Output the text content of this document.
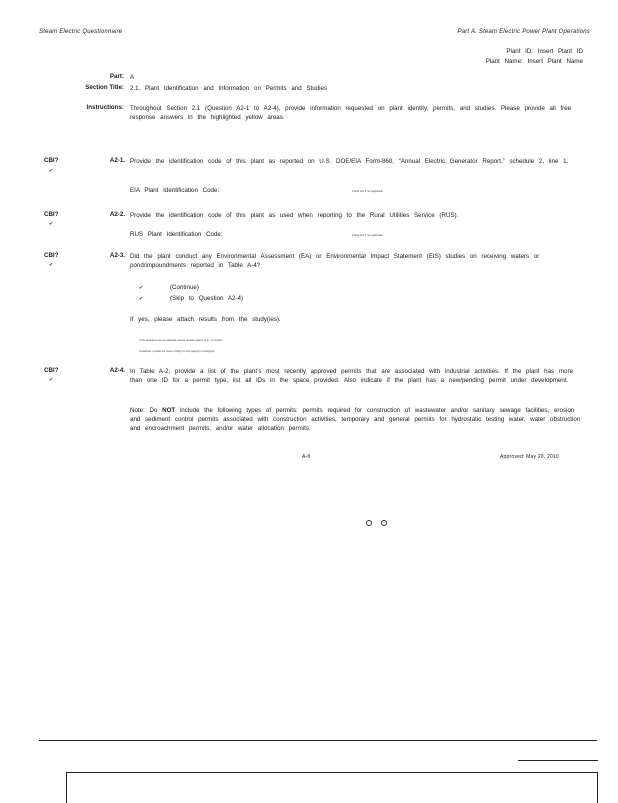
Steam Electric Questionnaire	Part A. Steam Electric Power Plant Operations
Plant ID: Insert Plant ID
Plant Name: Insert Plant Name
Part: A
Section Title: 2.1. Plant Identification and Information on Permits and Studies
Instructions: Throughout Section 2.1 (Question A2-1 to A2-4), provide information requested on plant identity, permits, and studies. Please provide all free response answers in the highlighted yellow areas.
CBI?
✔
A2-1. Provide the identification code of this plant as reported on U.S. DOE/EIA Form-860, “Annual Electric Generator Report,” schedule 2, line 1.
EIA Plant Identification Code:	Check box if not applicable
CBI?
✔
A2-2. Provide the identification code of this plant as used when reporting to the Rural Utilities Service (RUS).
RUS Plant Identification Code:	Check box if not applicable
CBI?
✔
A2-3. Did the plant conduct any Environmental Assessment (EA) or Environmental Impact Statement (EIS) studies on receiving waters or pond/impoundments reported in Table A-4?
✔	(Continue)
✔	(Skip to Question A2-4)
If yes, please attach results from the study(ies).
If the study(ies) are not attached, please provide reason (e.g., no copies)
If attached, provide the name of file(s) or title page(s) of study(ies)
CBI?
✔
A2-4. In Table A-2, provide a list of the plant’s most recently approved permits that are associated with industrial activities. If the plant has more than one ID for a permit type, list all IDs in the space provided. Also indicate if the plant has a new/pending permit under development.
Note: Do NOT include the following types of permits: permits required for construction of wastewater and/or sanitary sewage facilities, erosion and sediment control permits associated with construction activities, temporary and general permits for hydrostatic testing water, water obstruction and encroachment permits, and/or water allocation permits.
A-8	Approved: May 20, 2010
